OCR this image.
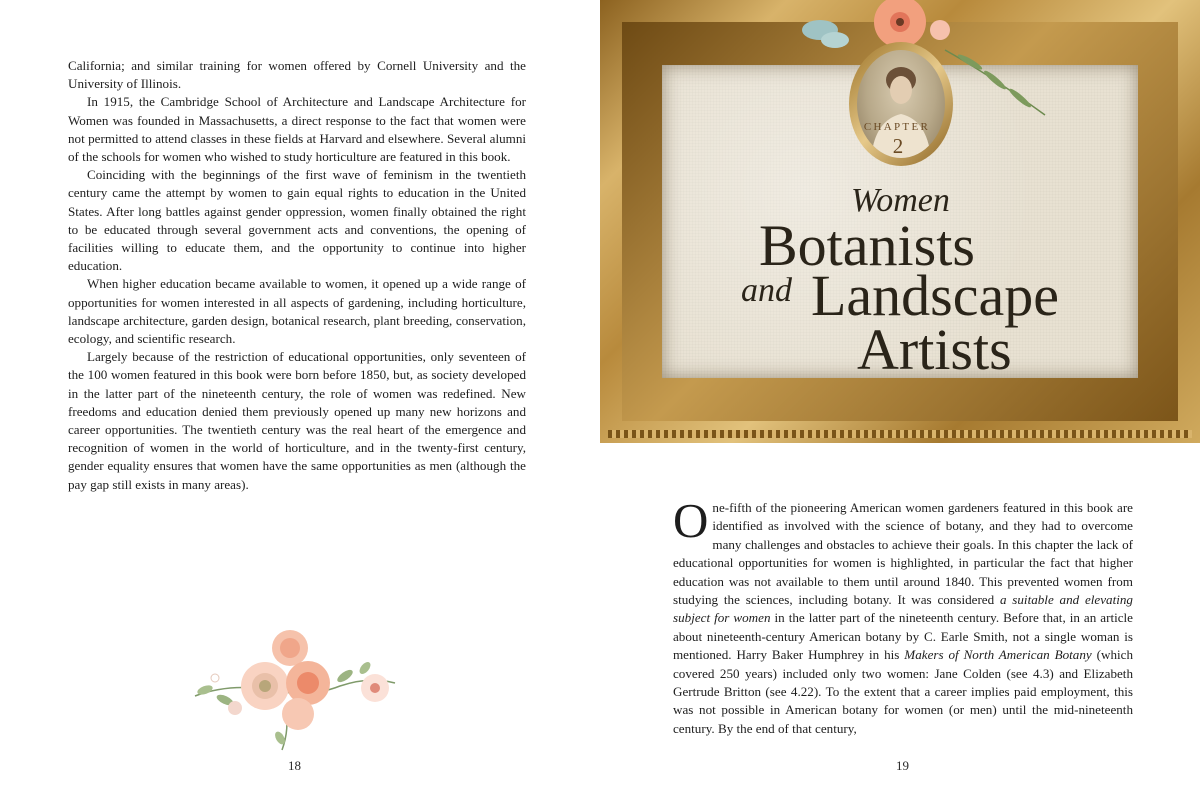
California; and similar training for women offered by Cornell University and the University of Illinois.

In 1915, the Cambridge School of Architecture and Landscape Architecture for Women was founded in Massachusetts, a direct response to the fact that women were not permitted to attend classes in these fields at Harvard and elsewhere. Several alumni of the schools for women who wished to study horticulture are featured in this book.

Coinciding with the beginnings of the first wave of feminism in the twentieth century came the attempt by women to gain equal rights to education in the United States. After long battles against gender oppression, women finally obtained the right to be educated through several government acts and conventions, the opening of facilities willing to educate them, and the opportunity to continue into higher education.

When higher education became available to women, it opened up a wide range of opportunities for women interested in all aspects of gardening, including horticulture, landscape architecture, garden design, botanical research, plant breeding, conservation, ecology, and scientific research.

Largely because of the restriction of educational opportunities, only seventeen of the 100 women featured in this book were born before 1850, but, as society developed in the latter part of the nineteenth century, the role of women was redefined. New freedoms and education denied them previously opened up many new horizons and career opportunities. The twentieth century was the real heart of the emergence and recognition of women in the world of horticulture, and in the twenty-first century, gender equality ensures that women have the same opportunities as men (although the pay gap still exists in many areas).

18
CHAPTER
2
Women
Botanists
and Landscape
Artists

One-fifth of the pioneering American women gardeners featured in this book are identified as involved with the science of botany, and they had to overcome many challenges and obstacles to achieve their goals. In this chapter the lack of educational opportunities for women is highlighted, in particular the fact that higher education was not available to them until around 1840. This prevented women from studying the sciences, including botany. It was considered a suitable and elevating subject for women in the latter part of the nineteenth century. Before that, in an article about nineteenth-century American botany by C. Earle Smith, not a single woman is mentioned. Harry Baker Humphrey in his Makers of North American Botany (which covered 250 years) included only two women: Jane Colden (see 4.3) and Elizabeth Gertrude Britton (see 4.22). To the extent that a career implies paid employment, this was not possible in American botany for women (or men) until the mid-nineteenth century. By the end of that century,

19
